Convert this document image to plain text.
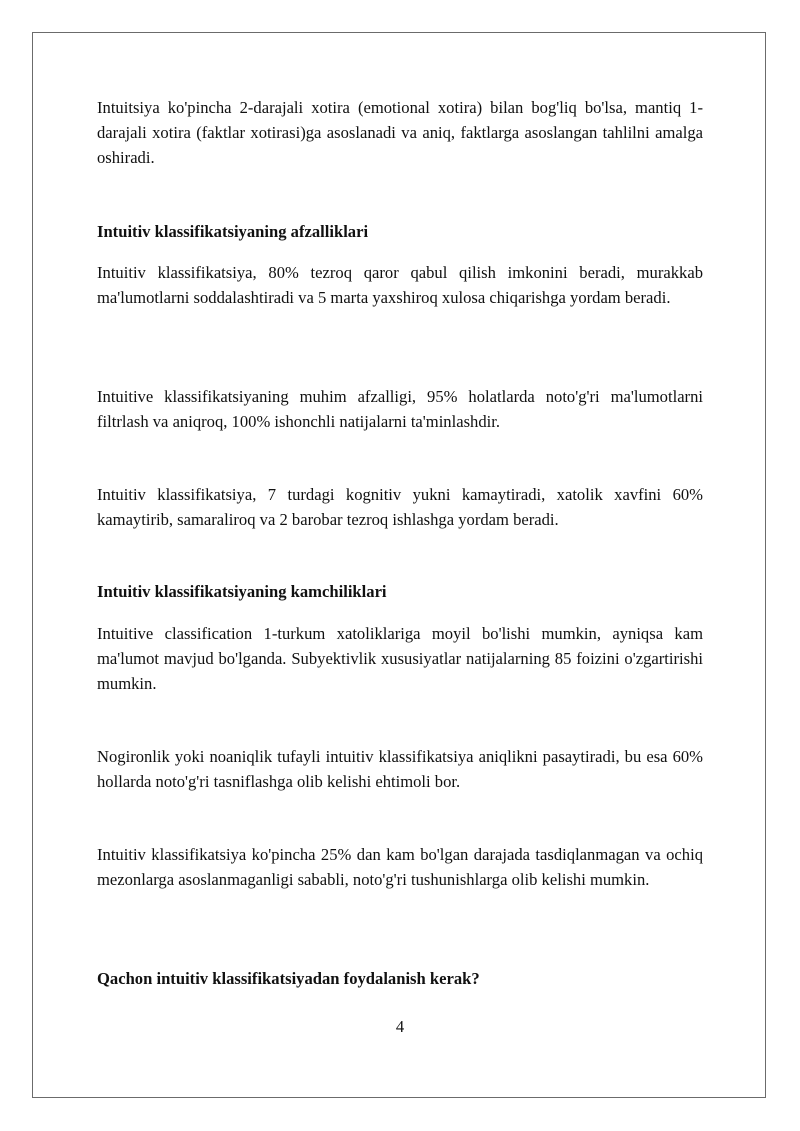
Intuitsiya ko'pincha 2-darajali xotira (emotional xotira) bilan bog'liq bo'lsa, mantiq 1-darajali xotira (faktlar xotirasi)ga asoslanadi va aniq, faktlarga asoslangan tahlilni amalga oshiradi.

Intuitiv klassifikatsiyaning afzalliklari

Intuitiv klassifikatsiya, 80% tezroq qaror qabul qilish imkonini beradi, murakkab ma'lumotlarni soddalashtiradi va 5 marta yaxshiroq xulosa chiqarishga yordam beradi.

Intuitive klassifikatsiyaning muhim afzalligi, 95% holatlarda noto'g'ri ma'lumotlarni filtrlash va aniqroq, 100% ishonchli natijalarni ta'minlashdir.

Intuitiv klassifikatsiya, 7 turdagi kognitiv yukni kamaytiradi, xatolik xavfini 60% kamaytirib, samaraliroq va 2 barobar tezroq ishlashga yordam beradi.

Intuitiv klassifikatsiyaning kamchiliklari

Intuitive classification 1-turkum xatoliklariga moyil bo'lishi mumkin, ayniqsa kam ma'lumot mavjud bo'lganda. Subyektivlik xususiyatlar natijalarning 85 foizini o'zgartirishi mumkin.

Nogironlik yoki noaniqlik tufayli intuitiv klassifikatsiya aniqlikni pasaytiradi, bu esa 60% hollarda noto'g'ri tasniflashga olib kelishi ehtimoli bor.

Intuitiv klassifikatsiya ko'pincha 25% dan kam bo'lgan darajada tasdiqlanmagan va ochiq mezonlarga asoslanmaganligi sababli, noto'g'ri tushunishlarga olib kelishi mumkin.

Qachon intuitiv klassifikatsiyadan foydalanish kerak?

4
